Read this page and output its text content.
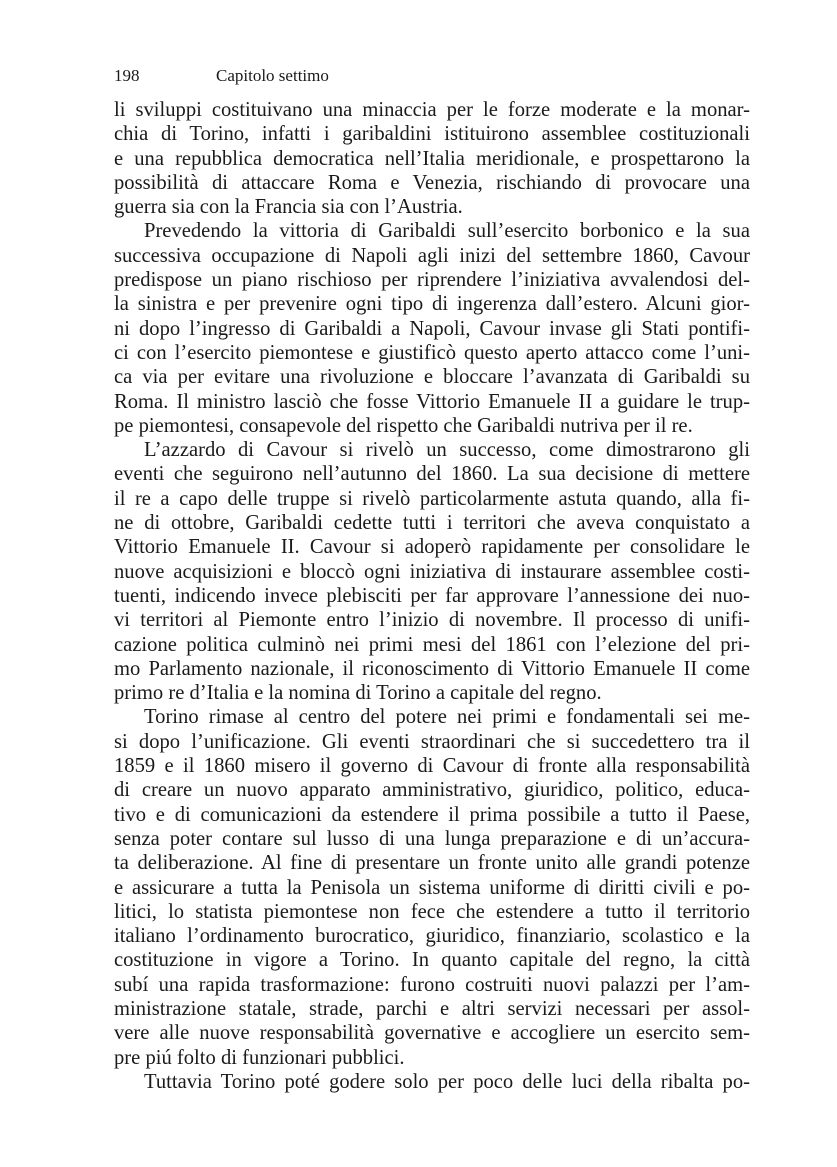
198	Capitolo settimo
li sviluppi costituivano una minaccia per le forze moderate e la monar-
chia di Torino, infatti i garibaldini istituirono assemblee costituzionali
e una repubblica democratica nell’Italia meridionale, e prospettarono la
possibilità di attaccare Roma e Venezia, rischiando di provocare una
guerra sia con la Francia sia con l’Austria.
Prevedendo la vittoria di Garibaldi sull’esercito borbonico e la sua
successiva occupazione di Napoli agli inizi del settembre 1860, Cavour
predispose un piano rischioso per riprendere l’iniziativa avvalendosi del-
la sinistra e per prevenire ogni tipo di ingerenza dall’estero. Alcuni gior-
ni dopo l’ingresso di Garibaldi a Napoli, Cavour invase gli Stati pontifi-
ci con l’esercito piemontese e giustificò questo aperto attacco come l’uni-
ca via per evitare una rivoluzione e bloccare l’avanzata di Garibaldi su
Roma. Il ministro lasciò che fosse Vittorio Emanuele II a guidare le trup-
pe piemontesi, consapevole del rispetto che Garibaldi nutriva per il re.
L’azzardo di Cavour si rivelò un successo, come dimostrarono gli
eventi che seguirono nell’autunno del 1860. La sua decisione di mettere
il re a capo delle truppe si rivelò particolarmente astuta quando, alla fi-
ne di ottobre, Garibaldi cedette tutti i territori che aveva conquistato a
Vittorio Emanuele II. Cavour si adoperò rapidamente per consolidare le
nuove acquisizioni e bloccò ogni iniziativa di instaurare assemblee costi-
tuenti, indicendo invece plebisciti per far approvare l’annessione dei nuo-
vi territori al Piemonte entro l’inizio di novembre. Il processo di unifi-
cazione politica culminò nei primi mesi del 1861 con l’elezione del pri-
mo Parlamento nazionale, il riconoscimento di Vittorio Emanuele II come
primo re d’Italia e la nomina di Torino a capitale del regno.
Torino rimase al centro del potere nei primi e fondamentali sei me-
si dopo l’unificazione. Gli eventi straordinari che si succedettero tra il
1859 e il 1860 misero il governo di Cavour di fronte alla responsabilità
di creare un nuovo apparato amministrativo, giuridico, politico, educa-
tivo e di comunicazioni da estendere il prima possibile a tutto il Paese,
senza poter contare sul lusso di una lunga preparazione e di un’accura-
ta deliberazione. Al fine di presentare un fronte unito alle grandi potenze
e assicurare a tutta la Penisola un sistema uniforme di diritti civili e po-
litici, lo statista piemontese non fece che estendere a tutto il territorio
italiano l’ordinamento burocratico, giuridico, finanziario, scolastico e la
costituzione in vigore a Torino. In quanto capitale del regno, la città
subí una rapida trasformazione: furono costruiti nuovi palazzi per l’am-
ministrazione statale, strade, parchi e altri servizi necessari per assol-
vere alle nuove responsabilità governative e accogliere un esercito sem-
pre piú folto di funzionari pubblici.
Tuttavia Torino poté godere solo per poco delle luci della ribalta po-
